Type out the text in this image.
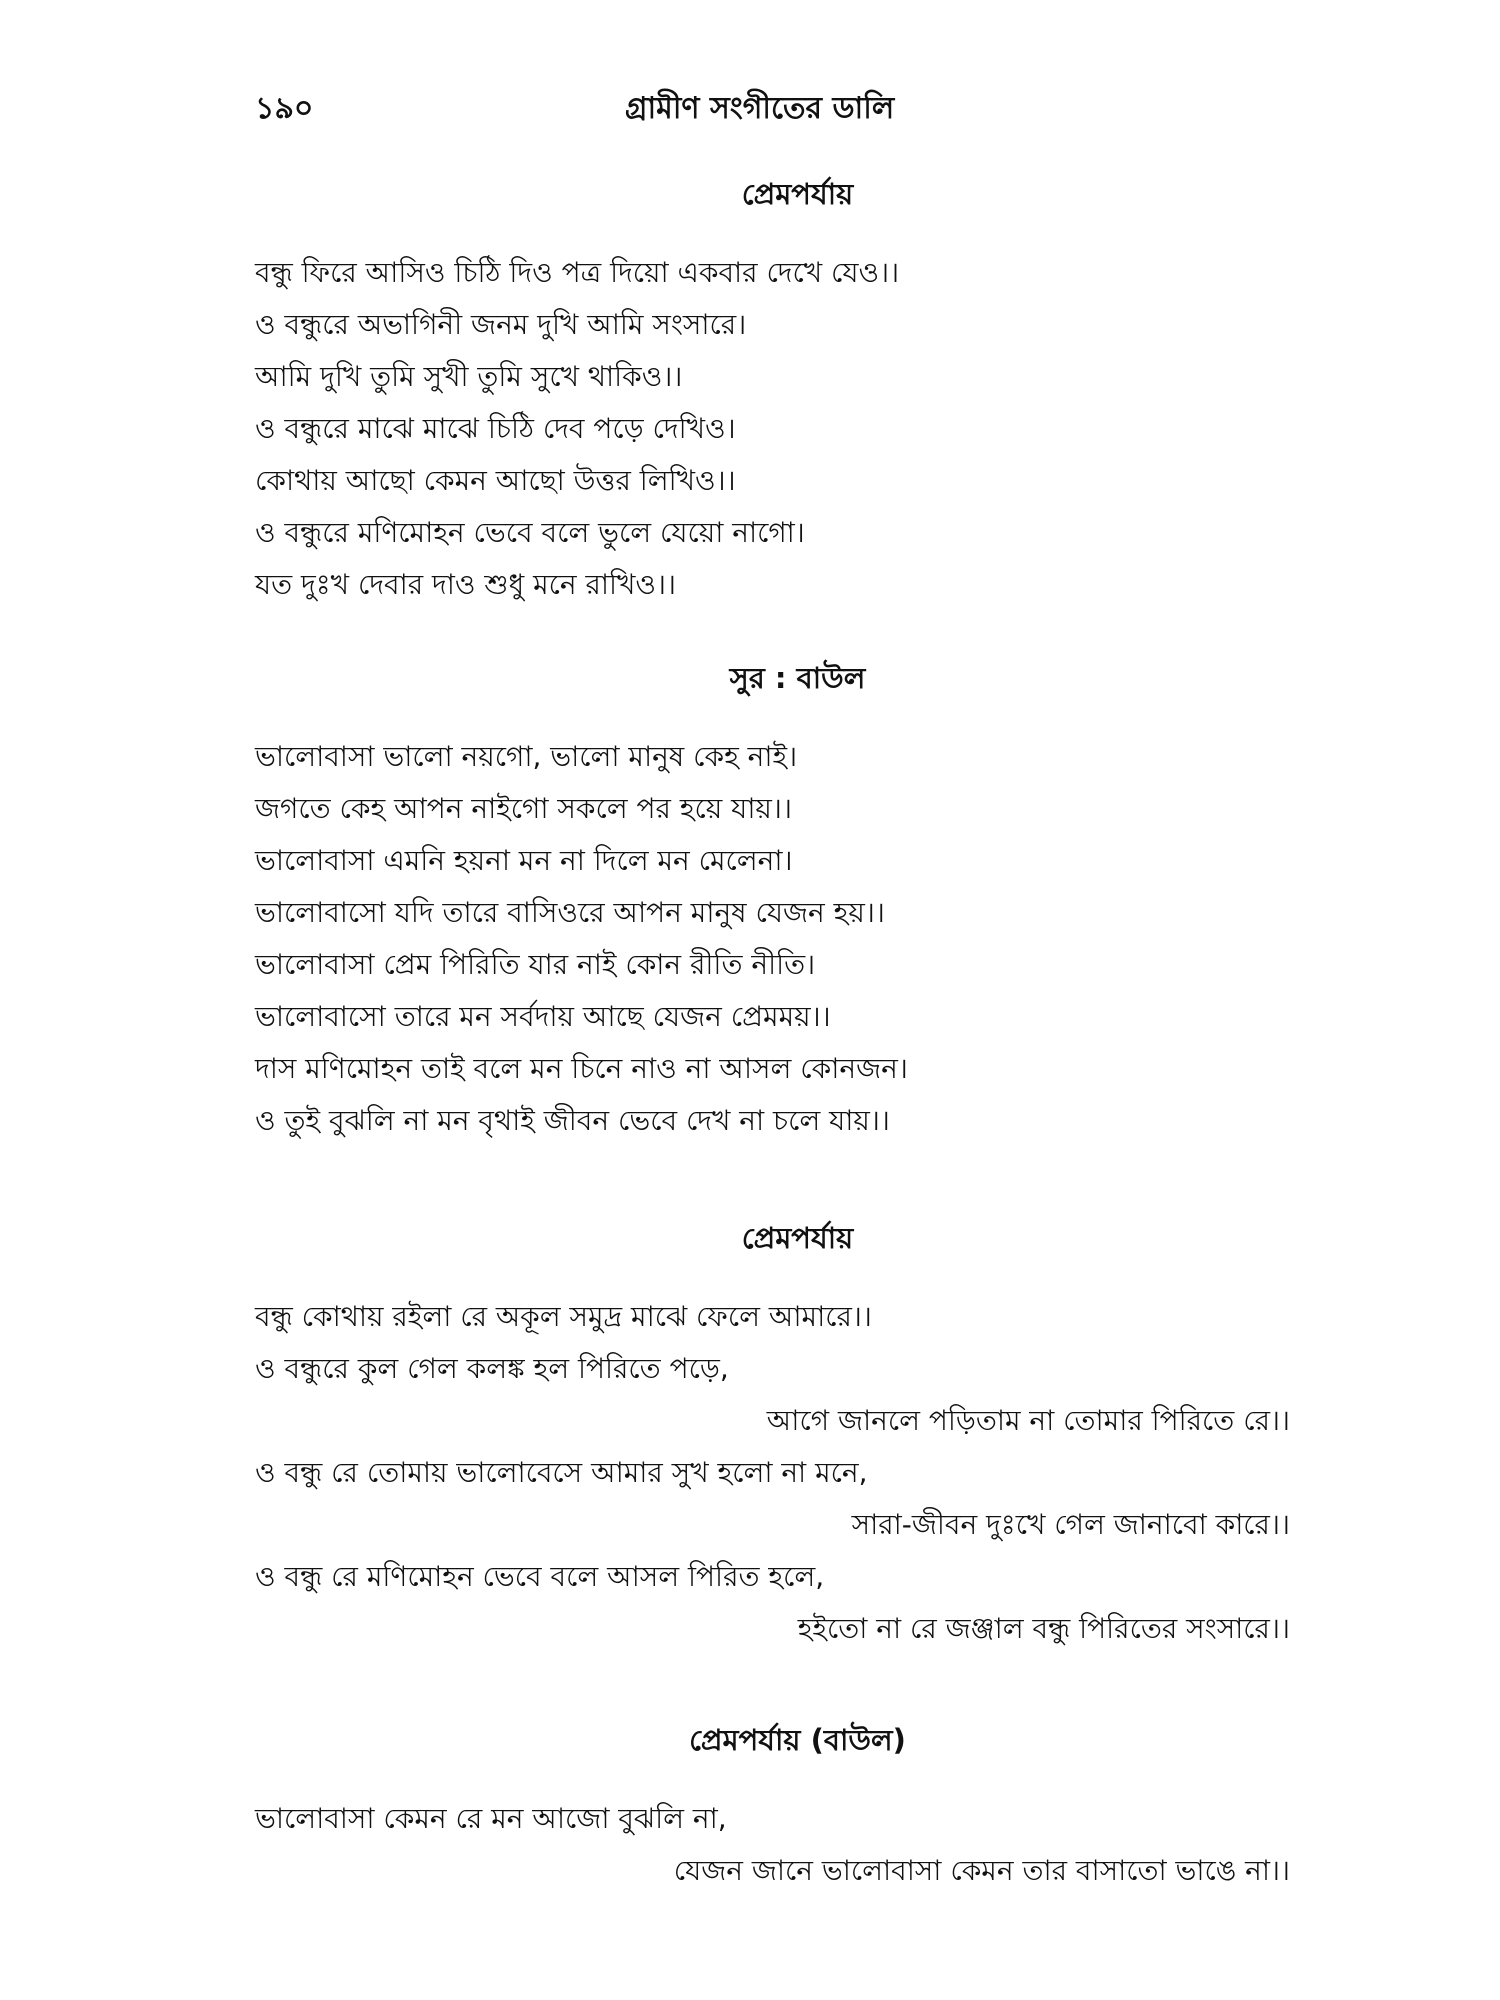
১৯০	গ্রামীণ সংগীতের ডালি
প্রেমপর্যায়
বন্ধু ফিরে আসিও চিঠি দিও পত্র দিয়ো একবার দেখে যেও।।
ও বন্ধুরে অভাগিনী জনম দুখি আমি সংসারে।
আমি দুখি তুমি সুখী তুমি সুখে থাকিও।।
ও বন্ধুরে মাঝে মাঝে চিঠি দেব পড়ে দেখিও।
কোথায় আছো কেমন আছো উত্তর লিখিও।।
ও বন্ধুরে মণিমোহন ভেবে বলে ভুলে যেয়ো নাগো।
যত দুঃখ দেবার দাও শুধু মনে রাখিও।।
সুর : বাউল
ভালোবাসা ভালো নয়গো, ভালো মানুষ কেহ নাই।
জগতে কেহ আপন নাইগো সকলে পর হয়ে যায়।।
ভালোবাসা এমনি হয়না মন না দিলে মন মেলেনা।
ভালোবাসো যদি তারে বাসিওরে আপন মানুষ যেজন হয়।।
ভালোবাসা প্রেম পিরিতি যার নাই কোন রীতি নীতি।
ভালোবাসো তারে মন সর্বদায় আছে যেজন প্রেমময়।।
দাস মণিমোহন তাই বলে মন চিনে নাও না আসল কোনজন।
ও তুই বুঝলি না মন বৃথাই জীবন ভেবে দেখ না চলে যায়।।
প্রেমপর্যায়
বন্ধু কোথায় রইলা রে অকূল সমুদ্র মাঝে ফেলে আমারে।।
ও বন্ধুরে কুল গেল কলঙ্ক হল পিরিতে পড়ে,
আগে জানলে পড়িতাম না তোমার পিরিতে রে।।
ও বন্ধু রে তোমায় ভালোবেসে আমার সুখ হলো না মনে,
সারা-জীবন দুঃখে গেল জানাবো কারে।।
ও বন্ধু রে মণিমোহন ভেবে বলে আসল পিরিত হলে,
হইতো না রে জঞ্জাল বন্ধু পিরিতের সংসারে।।
প্রেমপর্যায় (বাউল)
ভালোবাসা কেমন রে মন আজো বুঝলি না,
যেজন জানে ভালোবাসা কেমন তার বাসাতো ভাঙে না।।
